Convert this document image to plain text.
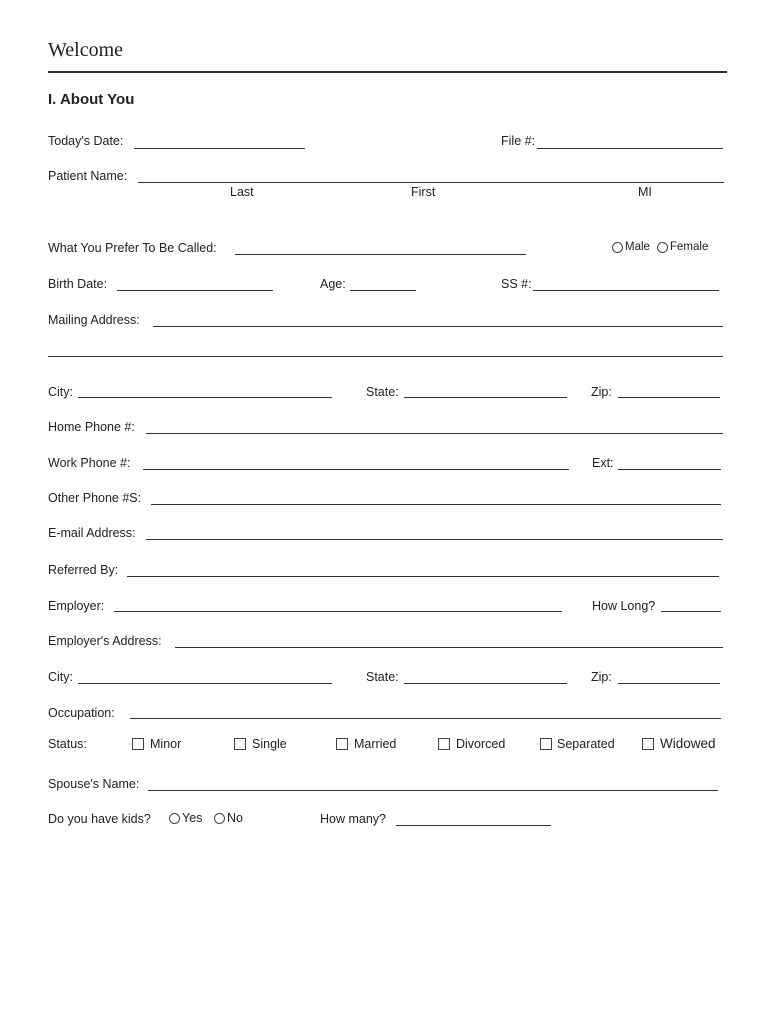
Welcome
I. About You
Today's Date:	File #:
Patient Name:
Last	First	MI
What You Prefer To Be Called:	Male Female
Birth Date:	Age:	SS #:
Mailing Address:
City:	State:	Zip:
Home Phone #:
Work Phone #:	Ext:
Other Phone #S:
E-mail Address:
Referred By:
Employer:	How Long?
Employer's Address:
City:	State:	Zip:
Occupation:
Status:	Minor	Single	Married	Divorced	Separated	Widowed
Spouse's Name:
Do you have kids? Yes No	How many?
